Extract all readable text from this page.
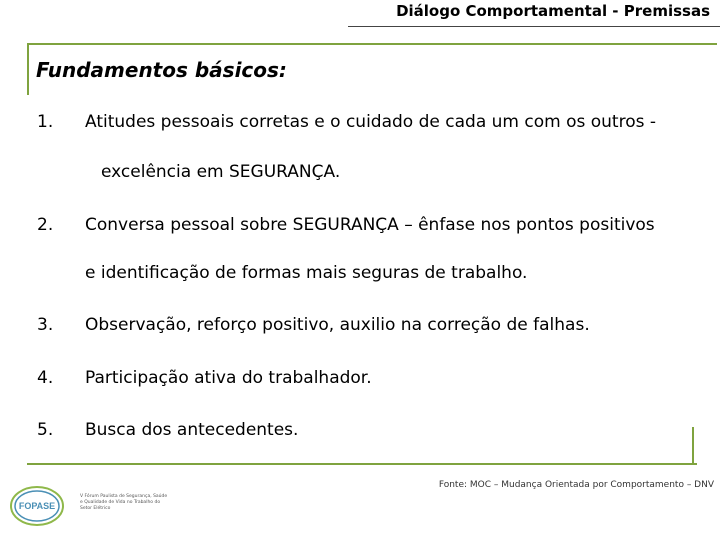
Diálogo Comportamental - Premissas
Fundamentos básicos:
1. Atitudes pessoais corretas e o cuidado de cada um com os outros -
excelência em SEGURANÇA.
2. Conversa pessoal sobre SEGURANÇA – ênfase nos pontos positivos
e identificação de formas mais seguras de trabalho.
3. Observação, reforço positivo, auxilio na correção de falhas.
4. Participação ativa do trabalhador.
5. Busca dos antecedentes.
Fonte: MOC – Mudança Orientada por Comportamento – DNV
FOPASE
V Fórum Paulista de Segurança, Saúde e Qualidade de Vida no Trabalho do Setor Elétrico
